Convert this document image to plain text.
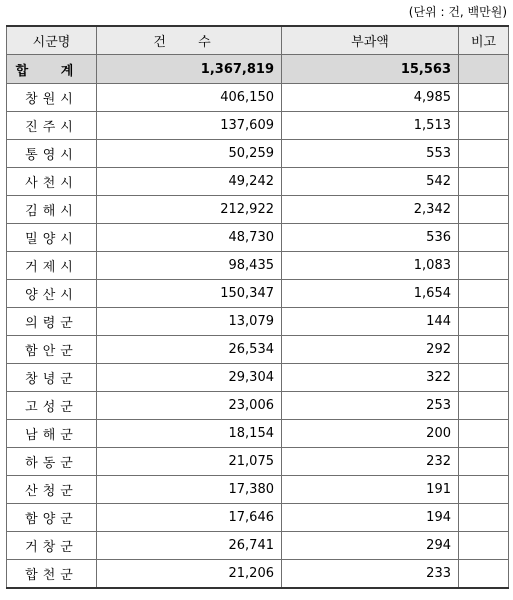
(단위 : 건, 백만원)
시군명	건 수	부과액	비고
합 계	1,367,819	15,563	
창원시	406,150	4,985	
진주시	137,609	1,513	
통영시	50,259	553	
사천시	49,242	542	
김해시	212,922	2,342	
밀양시	48,730	536	
거제시	98,435	1,083	
양산시	150,347	1,654	
의령군	13,079	144	
함안군	26,534	292	
창녕군	29,304	322	
고성군	23,006	253	
남해군	18,154	200	
하동군	21,075	232	
산청군	17,380	191	
함양군	17,646	194	
거창군	26,741	294	
합천군	21,206	233	
